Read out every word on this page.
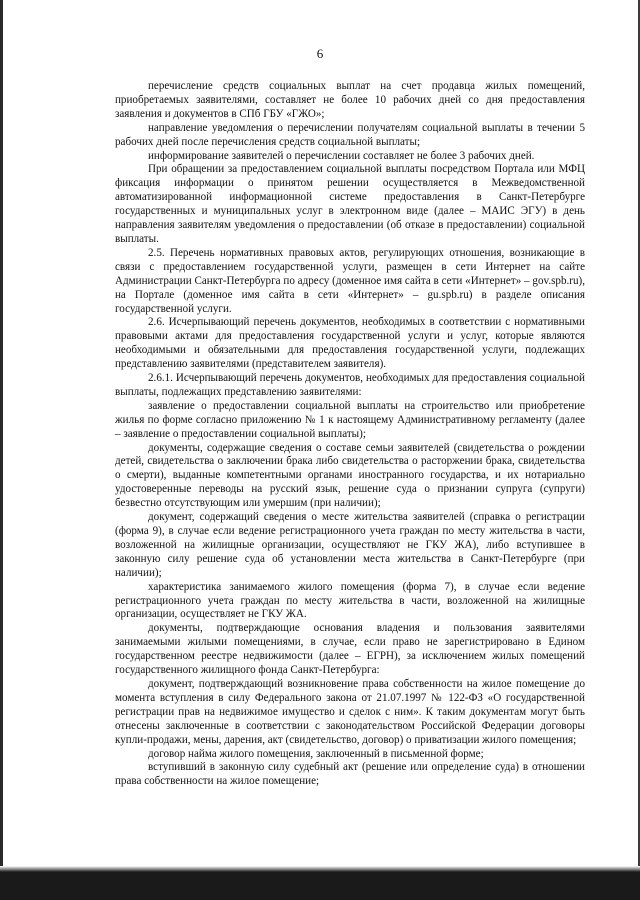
6

перечисление средств социальных выплат на счет продавца жилых помещений, приобретаемых заявителями, составляет не более 10 рабочих дней со дня предоставления заявления и документов в СПб ГБУ «ГЖО»;

направление уведомления о перечислении получателям социальной выплаты в течении 5 рабочих дней после перечисления средств социальной выплаты;

информирование заявителей о перечислении составляет не более 3 рабочих дней.

При обращении за предоставлением социальной выплаты посредством Портала или МФЦ фиксация информации о принятом решении осуществляется в Межведомственной автоматизированной информационной системе предоставления в Санкт-Петербурге государственных и муниципальных услуг в электронном виде (далее – МАИС ЭГУ) в день направления заявителям уведомления о предоставлении (об отказе в предоставлении) социальной выплаты.

2.5. Перечень нормативных правовых актов, регулирующих отношения, возникающие в связи с предоставлением государственной услуги, размещен в сети Интернет на сайте Администрации Санкт-Петербурга по адресу (доменное имя сайта в сети «Интернет» – gov.spb.ru), на Портале (доменное имя сайта в сети «Интернет» – gu.spb.ru) в разделе описания государственной услуги.

2.6. Исчерпывающий перечень документов, необходимых в соответствии с нормативными правовыми актами для предоставления государственной услуги и услуг, которые являются необходимыми и обязательными для предоставления государственной услуги, подлежащих представлению заявителями (представителем заявителя).

2.6.1. Исчерпывающий перечень документов, необходимых для предоставления социальной выплаты, подлежащих представлению заявителями:

заявление о предоставлении социальной выплаты на строительство или приобретение жилья по форме согласно приложению № 1 к настоящему Административному регламенту (далее – заявление о предоставлении социальной выплаты);

документы, содержащие сведения о составе семьи заявителей (свидетельства о рождении детей, свидетельства о заключении брака либо свидетельства о расторжении брака, свидетельства о смерти), выданные компетентными органами иностранного государства, и их нотариально удостоверенные переводы на русский язык, решение суда о признании супруга (супруги) безвестно отсутствующим или умершим (при наличии);

документ, содержащий сведения о месте жительства заявителей (справка о регистрации (форма 9), в случае если ведение регистрационного учета граждан по месту жительства в части, возложенной на жилищные организации, осуществляют не ГКУ ЖА), либо вступившее в законную силу решение суда об установлении места жительства в Санкт-Петербурге (при наличии);

характеристика занимаемого жилого помещения (форма 7), в случае если ведение регистрационного учета граждан по месту жительства в части, возложенной на жилищные организации, осуществляет не ГКУ ЖА.

документы, подтверждающие основания владения и пользования заявителями занимаемыми жилыми помещениями, в случае, если право не зарегистрировано в Едином государственном реестре недвижимости (далее – ЕГРН), за исключением жилых помещений государственного жилищного фонда Санкт-Петербурга:

документ, подтверждающий возникновение права собственности на жилое помещение до момента вступления в силу Федерального закона от 21.07.1997 № 122-ФЗ «О государственной регистрации прав на недвижимое имущество и сделок с ним». К таким документам могут быть отнесены заключенные в соответствии с законодательством Российской Федерации договоры купли-продажи, мены, дарения, акт (свидетельство, договор) о приватизации жилого помещения;

договор найма жилого помещения, заключенный в письменной форме;

вступивший в законную силу судебный акт (решение или определение суда) в отношении права собственности на жилое помещение;
